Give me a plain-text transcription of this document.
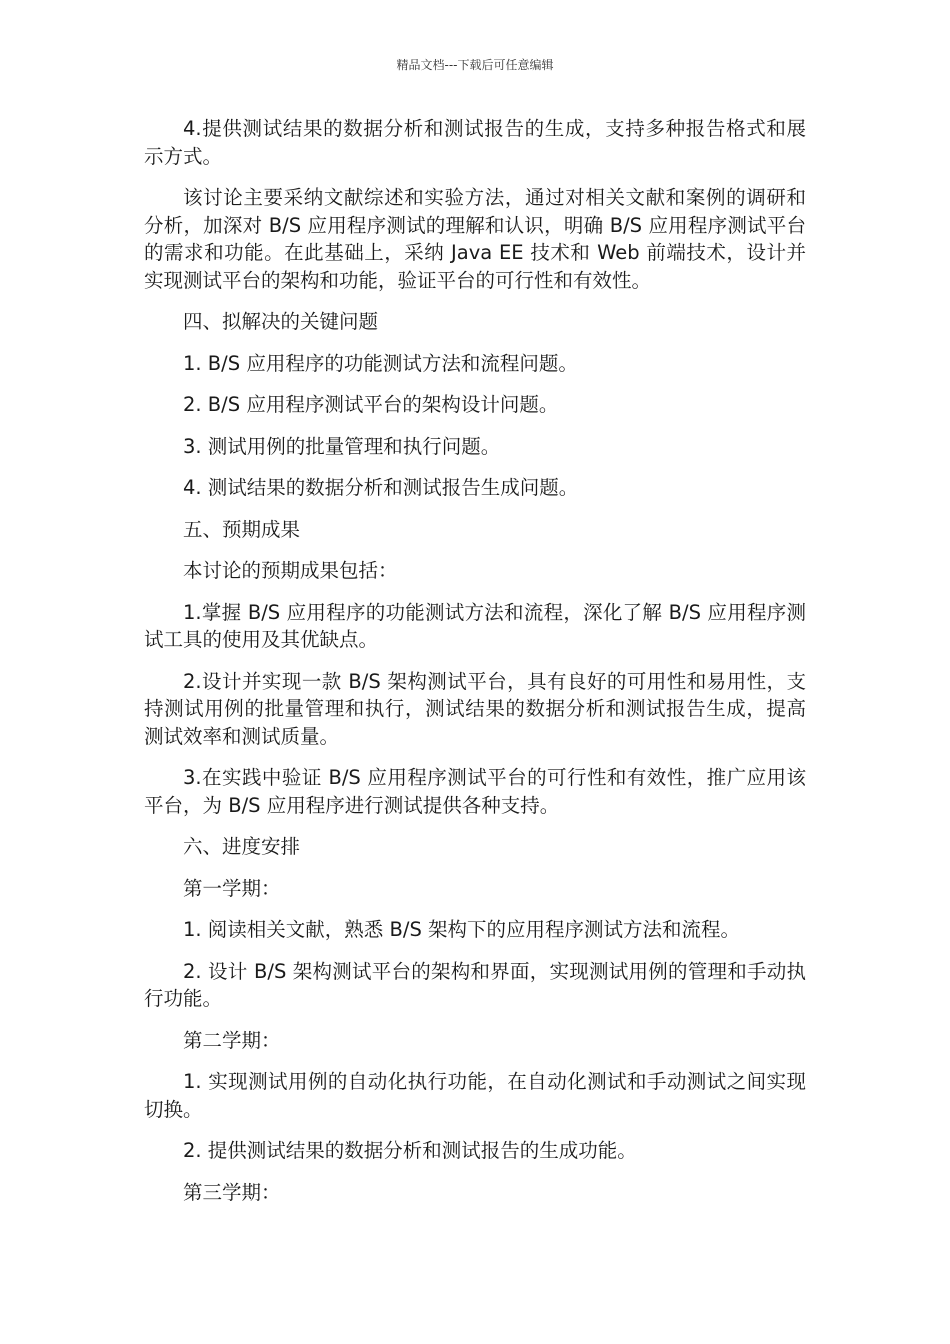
精品文档---下载后可任意编辑

4.提供测试结果的数据分析和测试报告的生成，支持多种报告格式和展示方式。

该讨论主要采纳文献综述和实验方法，通过对相关文献和案例的调研和分析，加深对 B/S 应用程序测试的理解和认识，明确 B/S 应用程序测试平台的需求和功能。在此基础上，采纳 Java EE 技术和 Web 前端技术，设计并实现测试平台的架构和功能，验证平台的可行性和有效性。

四、拟解决的关键问题

1. B/S 应用程序的功能测试方法和流程问题。

2. B/S 应用程序测试平台的架构设计问题。

3. 测试用例的批量管理和执行问题。

4. 测试结果的数据分析和测试报告生成问题。

五、预期成果

本讨论的预期成果包括：

1.掌握 B/S 应用程序的功能测试方法和流程，深化了解 B/S 应用程序测试工具的使用及其优缺点。

2.设计并实现一款 B/S 架构测试平台，具有良好的可用性和易用性，支持测试用例的批量管理和执行，测试结果的数据分析和测试报告生成，提高测试效率和测试质量。

3.在实践中验证 B/S 应用程序测试平台的可行性和有效性，推广应用该平台，为 B/S 应用程序进行测试提供各种支持。

六、进度安排

第一学期：

1. 阅读相关文献，熟悉 B/S 架构下的应用程序测试方法和流程。

2. 设计 B/S 架构测试平台的架构和界面，实现测试用例的管理和手动执行功能。

第二学期：

1. 实现测试用例的自动化执行功能，在自动化测试和手动测试之间实现切换。

2. 提供测试结果的数据分析和测试报告的生成功能。

第三学期：
